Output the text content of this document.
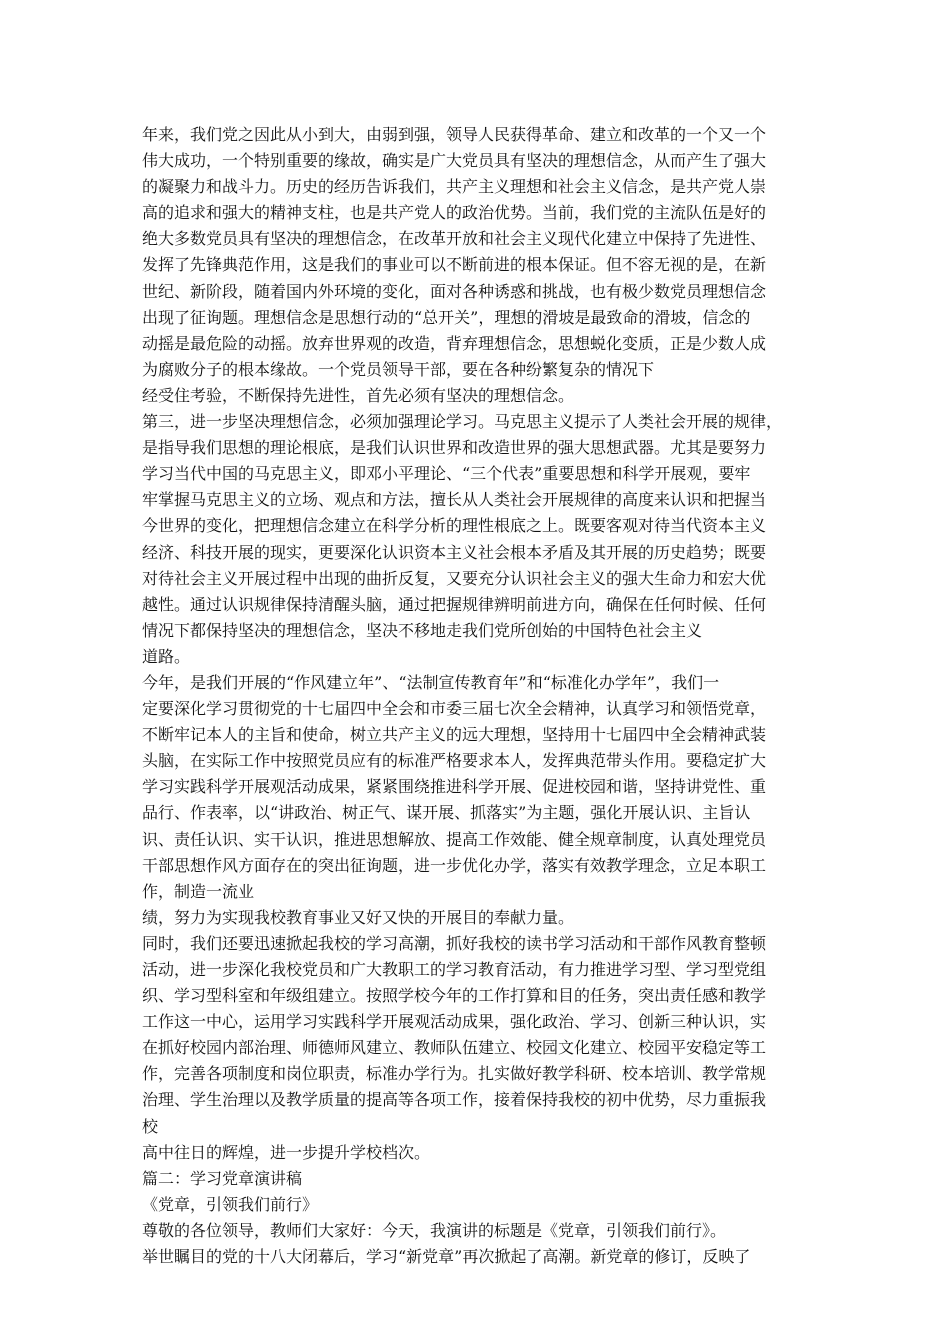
年来，我们党之因此从小到大，由弱到强，领导人民获得革命、建立和改革的一个又一个
伟大成功，一个特别重要的缘故，确实是广大党员具有坚决的理想信念，从而产生了强大
的凝聚力和战斗力。历史的经历告诉我们，共产主义理想和社会主义信念，是共产党人崇
高的追求和强大的精神支柱，也是共产党人的政治优势。当前，我们党的主流队伍是好的
绝大多数党员具有坚决的理想信念，在改革开放和社会主义现代化建立中保持了先进性、
发挥了先锋典范作用，这是我们的事业可以不断前进的根本保证。但不容无视的是，在新
世纪、新阶段，随着国内外环境的变化，面对各种诱惑和挑战，也有极少数党员理想信念
出现了征询题。理想信念是思想行动的“总开关”，理想的滑坡是最致命的滑坡，信念的
动摇是最危险的动摇。放弃世界观的改造，背弃理想信念，思想蜕化变质，正是少数人成
为腐败分子的根本缘故。一个党员领导干部，要在各种纷繁复杂的情况下
经受住考验，不断保持先进性，首先必须有坚决的理想信念。
第三，进一步坚决理想信念，必须加强理论学习。马克思主义提示了人类社会开展的规律，
是指导我们思想的理论根底，是我们认识世界和改造世界的强大思想武器。尤其是要努力
学习当代中国的马克思主义，即邓小平理论、“三个代表”重要思想和科学开展观，要牢
牢掌握马克思主义的立场、观点和方法，擅长从人类社会开展规律的高度来认识和把握当
今世界的变化，把理想信念建立在科学分析的理性根底之上。既要客观对待当代资本主义
经济、科技开展的现实，更要深化认识资本主义社会根本矛盾及其开展的历史趋势；既要
对待社会主义开展过程中出现的曲折反复，又要充分认识社会主义的强大生命力和宏大优
越性。通过认识规律保持清醒头脑，通过把握规律辨明前进方向，确保在任何时候、任何
情况下都保持坚决的理想信念，坚决不移地走我们党所创始的中国特色社会主义
道路。
今年，是我们开展的“作风建立年”、“法制宣传教育年”和“标准化办学年”，我们一
定要深化学习贯彻党的十七届四中全会和市委三届七次全会精神，认真学习和领悟党章，
不断牢记本人的主旨和使命，树立共产主义的远大理想，坚持用十七届四中全会精神武装
头脑，在实际工作中按照党员应有的标准严格要求本人，发挥典范带头作用。要稳定扩大
学习实践科学开展观活动成果，紧紧围绕推进科学开展、促进校园和谐，坚持讲党性、重
品行、作表率，以“讲政治、树正气、谋开展、抓落实”为主题，强化开展认识、主旨认
识、责任认识、实干认识，推进思想解放、提高工作效能、健全规章制度，认真处理党员
干部思想作风方面存在的突出征询题，进一步优化办学，落实有效教学理念，立足本职工
作，制造一流业
绩，努力为实现我校教育事业又好又快的开展目的奉献力量。
同时，我们还要迅速掀起我校的学习高潮，抓好我校的读书学习活动和干部作风教育整顿
活动，进一步深化我校党员和广大教职工的学习教育活动，有力推进学习型、学习型党组
织、学习型科室和年级组建立。按照学校今年的工作打算和目的任务，突出责任感和教学
工作这一中心，运用学习实践科学开展观活动成果，强化政治、学习、创新三种认识，实
在抓好校园内部治理、师德师风建立、教师队伍建立、校园文化建立、校园平安稳定等工
作，完善各项制度和岗位职责，标准办学行为。扎实做好教学科研、校本培训、教学常规
治理、学生治理以及教学质量的提高等各项工作，接着保持我校的初中优势，尽力重振我
校
高中往日的辉煌，进一步提升学校档次。
篇二：学习党章演讲稿
《党章，引领我们前行》
尊敬的各位领导，教师们大家好：今天，我演讲的标题是《党章，引领我们前行》。
举世瞩目的党的十八大闭幕后，学习“新党章”再次掀起了高潮。新党章的修订，反映了
